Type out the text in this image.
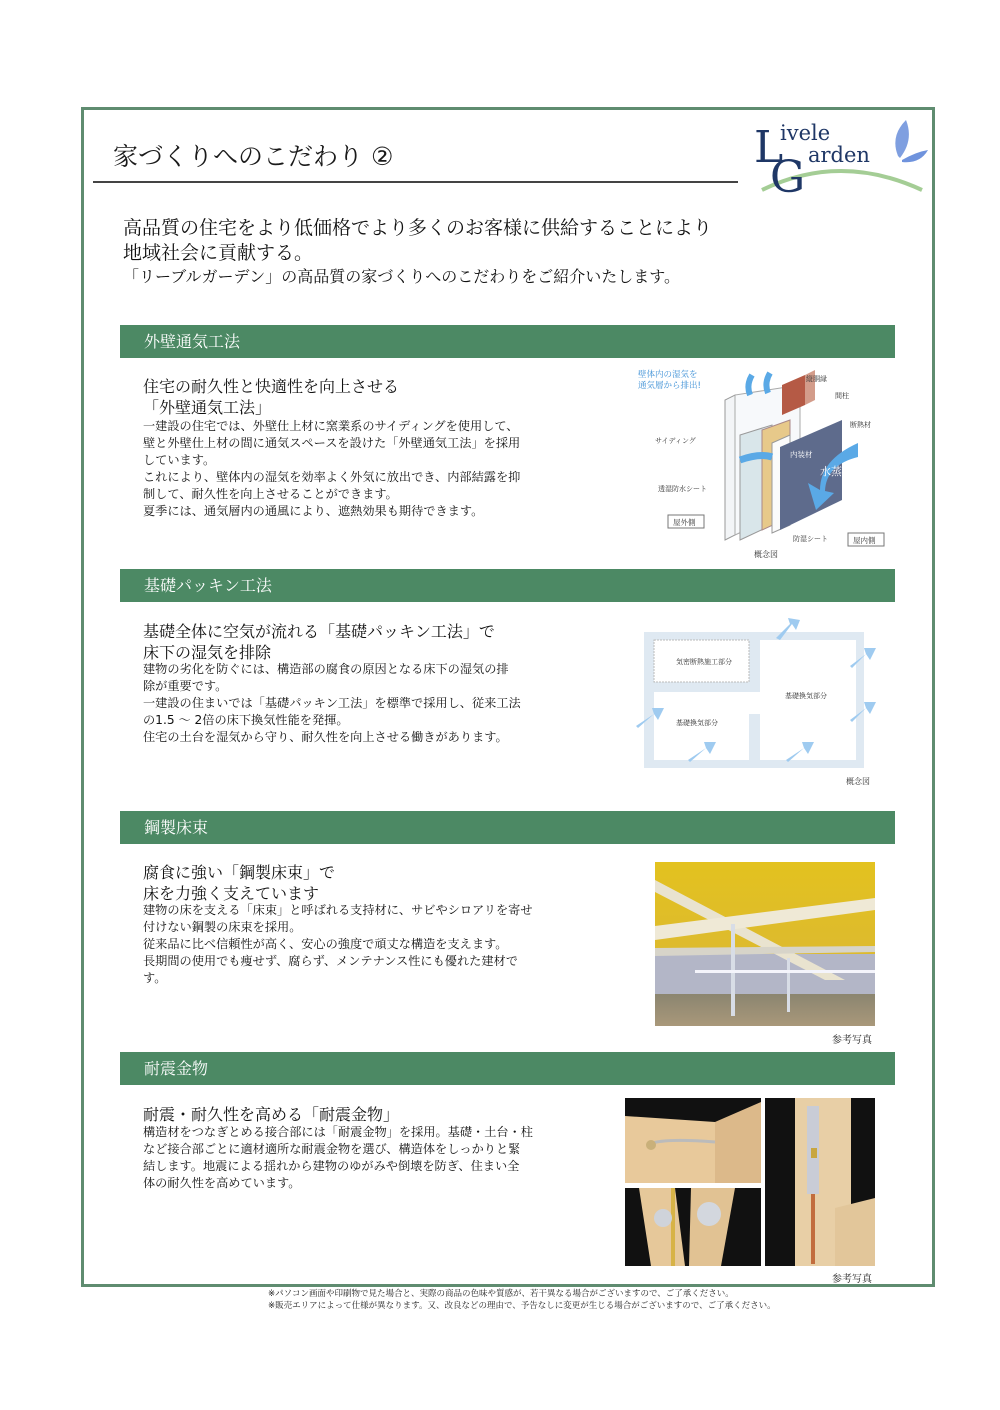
家づくりへのこだわり ②	L
ivele
G arden
高品質の住宅をより低価格でより多くのお客様に供給することにより
地域社会に貢献する。
「リーブルガーデン」の高品質の家づくりへのこだわりをご紹介いたします。
外壁通気工法
住宅の耐久性と快適性を向上させる
「外壁通気工法」

一建設の住宅では、外壁仕上材に窯業系のサイディングを使用して、

壁と外壁仕上材の間に通気スペースを設けた「外壁通気工法」を採用

しています。

これにより、壁体内の湿気を効率よく外気に放出でき、内部結露を抑

制して、耐久性を向上させることができます。

夏季には、通気層内の通風により、遮熱効果も期待できます。

壁体内の湿気を
通気層から排出!
縦胴縁
間柱
断熱材
サイディング
内装材
水蒸気
透湿防水シート
屋外側
防湿シート	屋内側
概念図
基礎パッキン工法
基礎全体に空気が流れる「基礎パッキン工法」で
床下の湿気を排除

建物の劣化を防ぐには、構造部の腐食の原因となる床下の湿気の排

除が重要です。

一建設の住まいでは「基礎パッキン工法」を標準で採用し、従来工法

の1.5 ～ 2倍の床下換気性能を発揮。

住宅の土台を湿気から守り、耐久性を向上させる働きがあります。

気密断熱施工部分
基礎換気部分
基礎換気部分
概念図
鋼製床束
腐食に強い「鋼製床束」で
床を力強く支えています

建物の床を支える「床束」と呼ばれる支持材に、サビやシロアリを寄せ

付けない鋼製の床束を採用。

従来品に比べ信頼性が高く、安心の強度で頑丈な構造を支えます。

長期間の使用でも痩せず、腐らず、メンテナンス性にも優れた建材で

す。

参考写真
耐震金物
耐震・耐久性を高める「耐震金物」

構造材をつなぎとめる接合部には「耐震金物」を採用。基礎・土台・柱

など接合部ごとに適材適所な耐震金物を選び、構造体をしっかりと緊

結します。地震による揺れから建物のゆがみや倒壊を防ぎ、住まい全

体の耐久性を高めています。

参考写真

※パソコン画面や印刷物で見た場合と、実際の商品の色味や質感が、若干異なる場合がございますので、ご了承ください。

※販売エリアによって仕様が異なります。又、改良などの理由で、予告なしに変更が生じる場合がございますので、ご了承ください。
